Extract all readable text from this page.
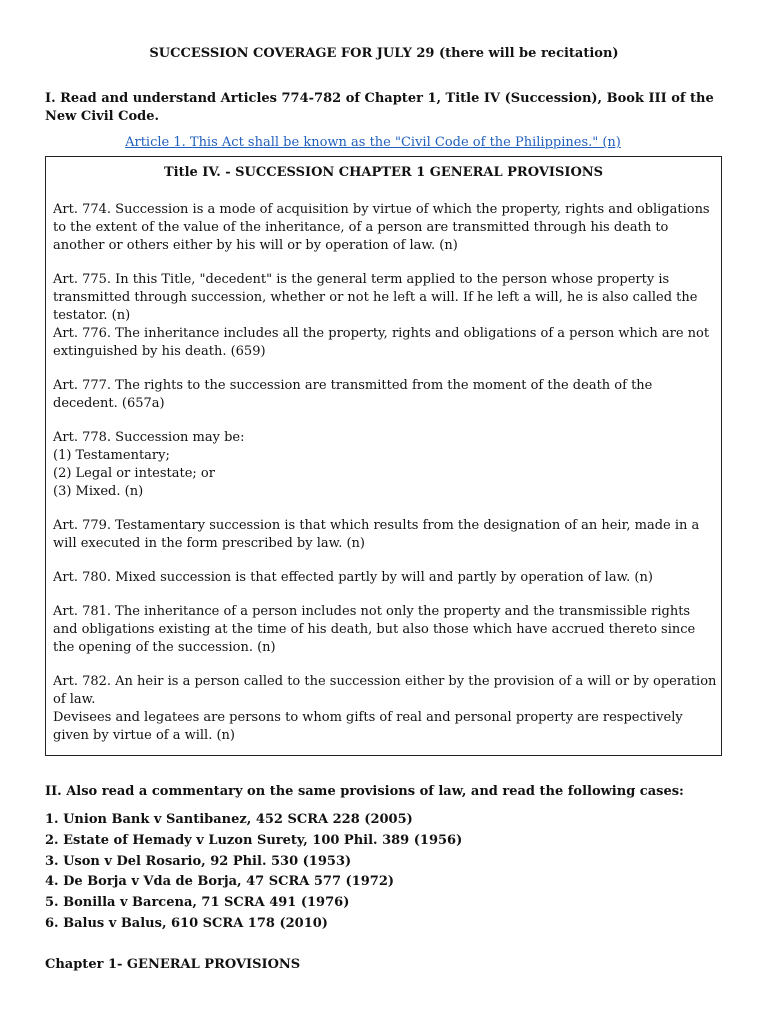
SUCCESSION COVERAGE FOR JULY 29 (there will be recitation)
I. Read and understand Articles 774-782 of Chapter 1, Title IV (Succession), Book III of the New Civil Code.
Article 1. This Act shall be known as the "Civil Code of the Philippines." (n)
Title IV. - SUCCESSION CHAPTER 1 GENERAL PROVISIONS

Art. 774. Succession is a mode of acquisition by virtue of which the property, rights and obligations to the extent of the value of the inheritance, of a person are transmitted through his death to another or others either by his will or by operation of law. (n)

Art. 775. In this Title, "decedent" is the general term applied to the person whose property is transmitted through succession, whether or not he left a will. If he left a will, he is also called the testator. (n)

Art. 776. The inheritance includes all the property, rights and obligations of a person which are not extinguished by his death. (659)

Art. 777. The rights to the succession are transmitted from the moment of the death of the decedent. (657a)

Art. 778. Succession may be:

(1) Testamentary;

(2) Legal or intestate; or

(3) Mixed. (n)

Art. 779. Testamentary succession is that which results from the designation of an heir, made in a will executed in the form prescribed by law. (n)

Art. 780. Mixed succession is that effected partly by will and partly by operation of law. (n)

Art. 781. The inheritance of a person includes not only the property and the transmissible rights and obligations existing at the time of his death, but also those which have accrued thereto since the opening of the succession. (n)

Art. 782. An heir is a person called to the succession either by the provision of a will or by operation of law.

Devisees and legatees are persons to whom gifts of real and personal property are respectively given by virtue of a will. (n)

II. Also read a commentary on the same provisions of law, and read the following cases:
1. Union Bank v Santibanez, 452 SCRA 228 (2005)
2. Estate of Hemady v Luzon Surety, 100 Phil. 389 (1956)
3. Uson v Del Rosario, 92 Phil. 530 (1953)
4. De Borja v Vda de Borja, 47 SCRA 577 (1972)
5. Bonilla v Barcena, 71 SCRA 491 (1976)
6. Balus v Balus, 610 SCRA 178 (2010)
Chapter 1- GENERAL PROVISIONS
